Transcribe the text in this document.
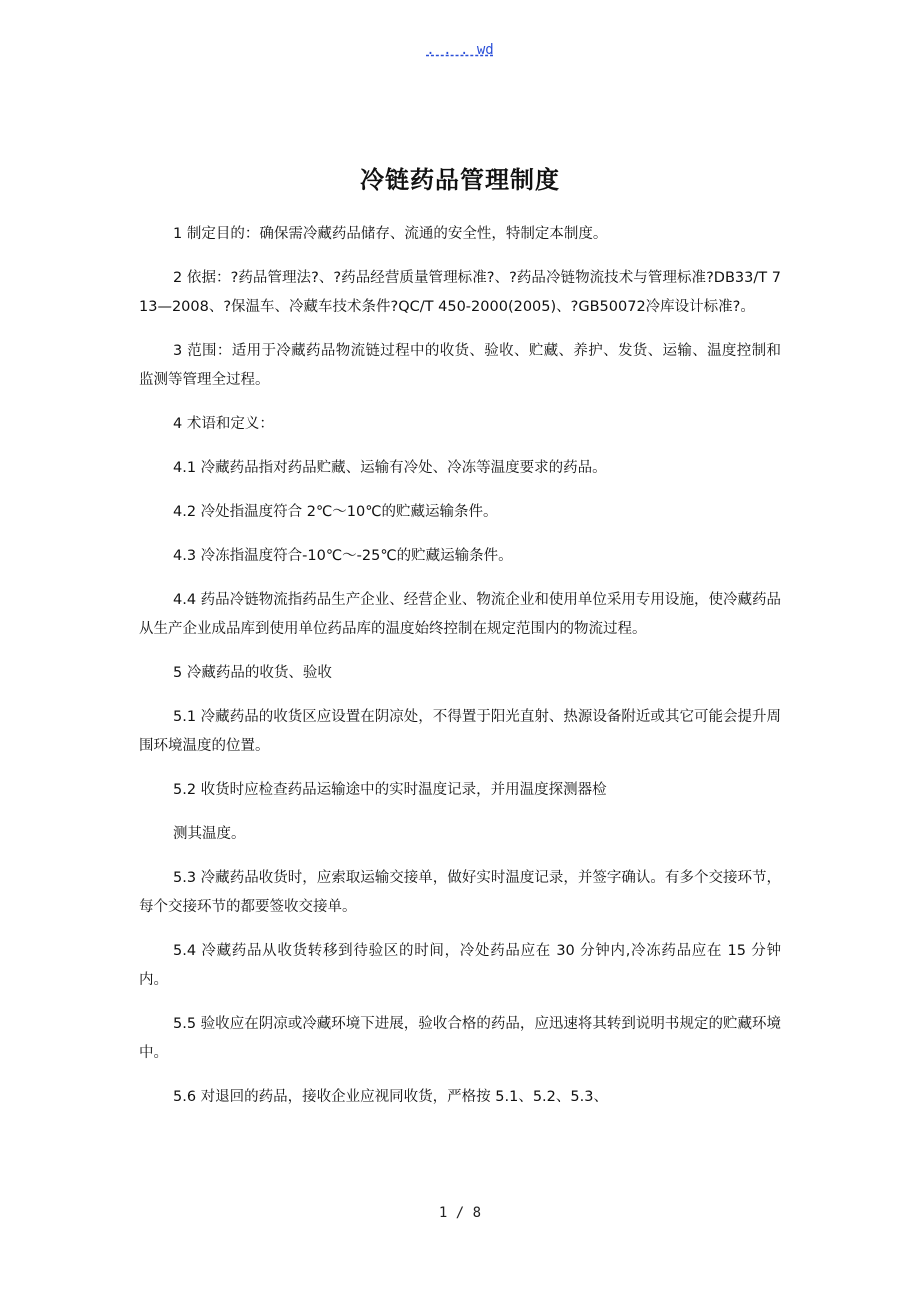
. . . wd
冷链药品管理制度

1 制定目的：确保需冷藏药品储存、流通的安全性，特制定本制度。

2 依据：?药品管理法?、?药品经营质量管理标准?、?药品冷链物流技术与管理标准?DB33/T 713—2008、?保温车、冷藏车技术条件?QC/T 450-2000(2005)、?GB50072冷库设计标准?。

3 范围：适用于冷藏药品物流链过程中的收货、验收、贮藏、养护、发货、运输、温度控制和监测等管理全过程。

4 术语和定义：

4.1 冷藏药品指对药品贮藏、运输有冷处、冷冻等温度要求的药品。

4.2 冷处指温度符合 2℃～10℃的贮藏运输条件。

4.3 冷冻指温度符合-10℃～-25℃的贮藏运输条件。

4.4 药品冷链物流指药品生产企业、经营企业、物流企业和使用单位采用专用设施，使冷藏药品从生产企业成品库到使用单位药品库的温度始终控制在规定范围内的物流过程。

5 冷藏药品的收货、验收

5.1 冷藏药品的收货区应设置在阴凉处，不得置于阳光直射、热源设备附近或其它可能会提升周围环境温度的位置。

5.2 收货时应检查药品运输途中的实时温度记录，并用温度探测器检

测其温度。

5.3 冷藏药品收货时，应索取运输交接单，做好实时温度记录，并签字确认。有多个交接环节，每个交接环节的都要签收交接单。

5.4 冷藏药品从收货转移到待验区的时间，冷处药品应在 30 分钟内,冷冻药品应在 15 分钟内。

5.5 验收应在阴凉或冷藏环境下进展，验收合格的药品，应迅速将其转到说明书规定的贮藏环境中。

5.6 对退回的药品，接收企业应视同收货，严格按 5.1、5.2、5.3、

1 / 8
